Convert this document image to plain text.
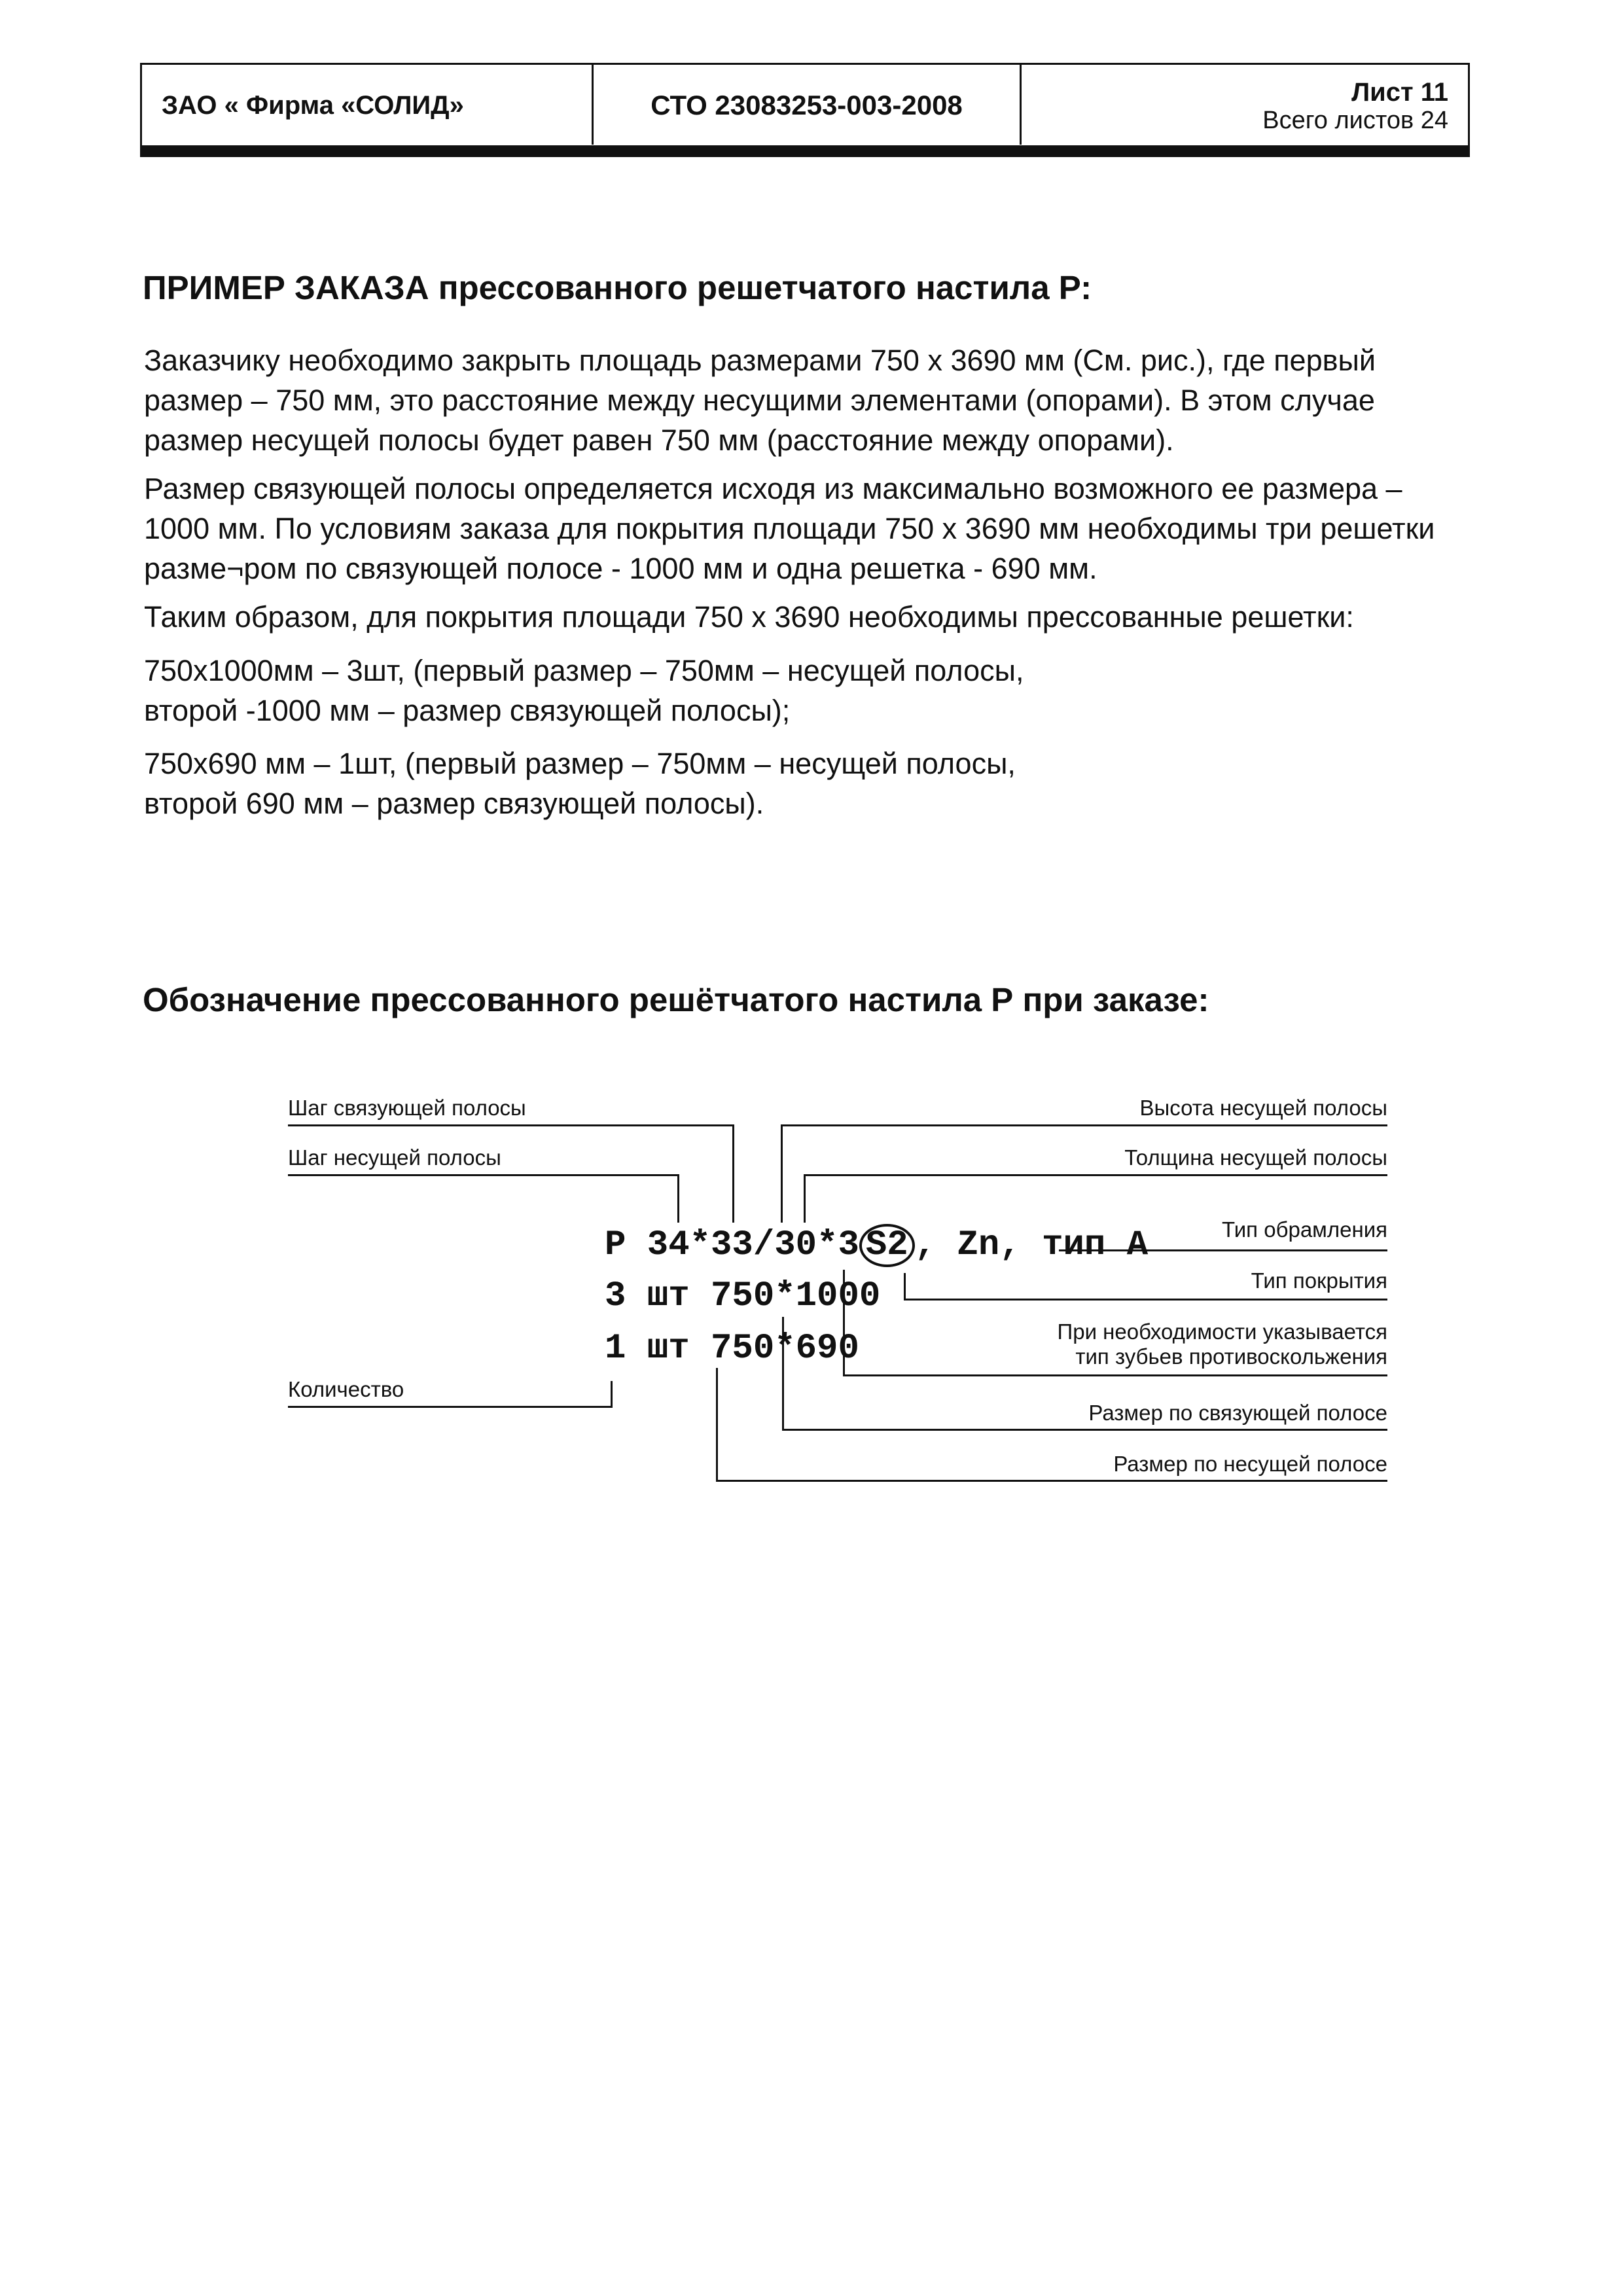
ЗАО « Фирма «СОЛИД»	СТО 23083253-003-2008	Лист 11
Всего листов 24
ПРИМЕР ЗАКАЗА прессованного решетчатого настила Р:

Заказчику необходимо закрыть площадь размерами 750 х 3690 мм (См. рис.), где первый размер – 750 мм, это расстояние между несущими элементами (опорами). В этом случае размер несущей полосы будет равен 750 мм (расстояние между опорами).

Размер связующей полосы определяется исходя из максимально возможного ее размера – 1000 мм. По условиям заказа для покрытия площади 750 х 3690 мм необходимы три решетки разме¬ром по связующей полосе - 1000 мм и одна решетка - 690 мм.

Таким образом, для покрытия площади 750 х 3690 необходимы прессованные решетки:

750х1000мм – 3шт, (первый размер – 750мм – несущей полосы,

второй -1000 мм – размер связующей полосы);

750х690 мм – 1шт, (первый размер – 750мм – несущей полосы,

второй 690 мм – размер связующей полосы).

Обозначение прессованного решётчатого настила Р при заказе:
Шаг связующей полосы
Шаг несущей полосы
Количество
Высота несущей полосы
Толщина несущей полосы
Тип обрамления
Тип покрытия
При необходимости указывается
тип зубьев противоскольжения
Размер по связующей полосе
Размер по несущей полосе
Р 34*33/30*3 S2 , Zn, тип А
3 шт 750*1000
1 шт 750*690
